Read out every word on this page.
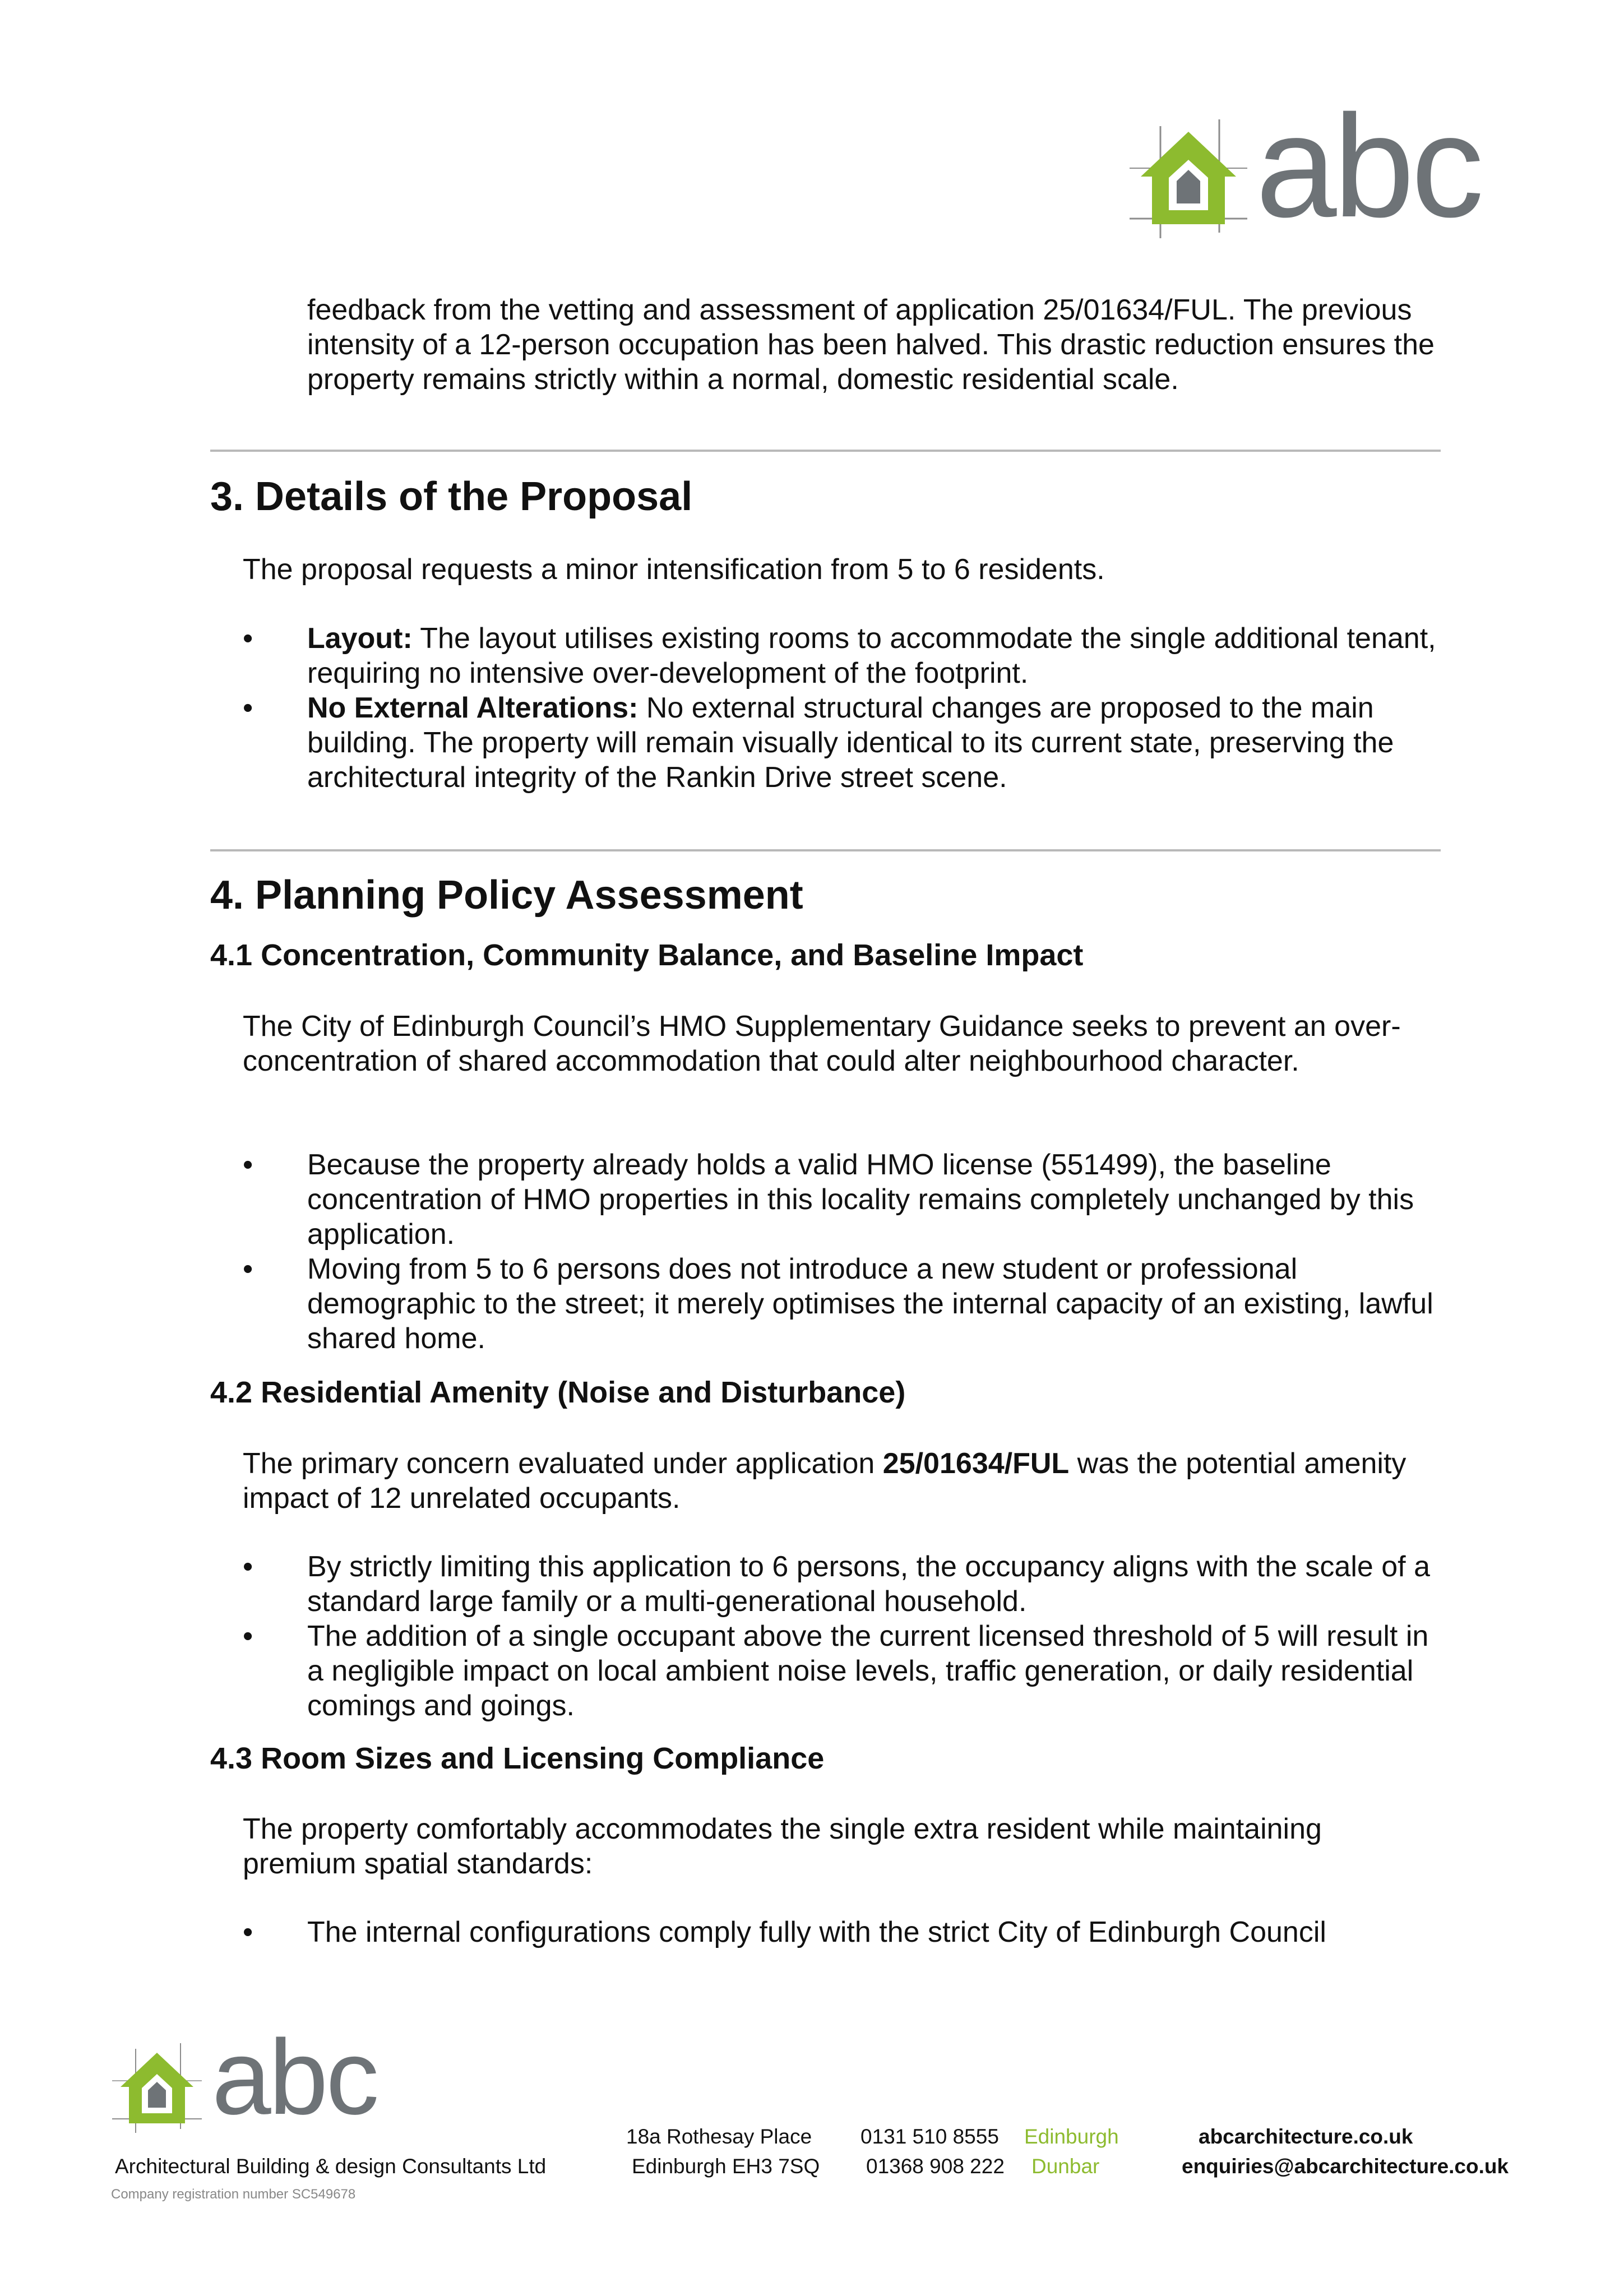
abc

feedback from the vetting and assessment of application 25/01634/FUL. The previous intensity of a 12-person occupation has been halved. This drastic reduction ensures the property remains strictly within a normal, domestic residential scale.

3. Details of the Proposal

The proposal requests a minor intensification from 5 to 6 residents.

•	Layout: The layout utilises existing rooms to accommodate the single additional tenant, requiring no intensive over-development of the footprint.
•	No External Alterations: No external structural changes are proposed to the main building. The property will remain visually identical to its current state, preserving the architectural integrity of the Rankin Drive street scene.
4. Planning Policy Assessment
4.1 Concentration, Community Balance, and Baseline Impact

The City of Edinburgh Council’s HMO Supplementary Guidance seeks to prevent an over-concentration of shared accommodation that could alter neighbourhood character.

•	Because the property already holds a valid HMO license (551499), the baseline concentration of HMO properties in this locality remains completely unchanged by this application.
•	Moving from 5 to 6 persons does not introduce a new student or professional demographic to the street; it merely optimises the internal capacity of an existing, lawful shared home.
4.2 Residential Amenity (Noise and Disturbance)

The primary concern evaluated under application 25/01634/FUL was the potential amenity impact of 12 unrelated occupants.

•	By strictly limiting this application to 6 persons, the occupancy aligns with the scale of a standard large family or a multi-generational household.
•	The addition of a single occupant above the current licensed threshold of 5 will result in a negligible impact on local ambient noise levels, traffic generation, or daily residential comings and goings.
4.3 Room Sizes and Licensing Compliance

The property comfortably accommodates the single extra resident while maintaining premium spatial standards:

•	The internal configurations comply fully with the strict City of Edinburgh Council
abc
Architectural Building & design Consultants Ltd
Company registration number SC549678
18a Rothesay Place
Edinburgh EH3 7SQ
0131 510 8555
01368 908 222
Edinburgh
Dunbar
abcarchitecture.co.uk
enquiries@abcarchitecture.co.uk
